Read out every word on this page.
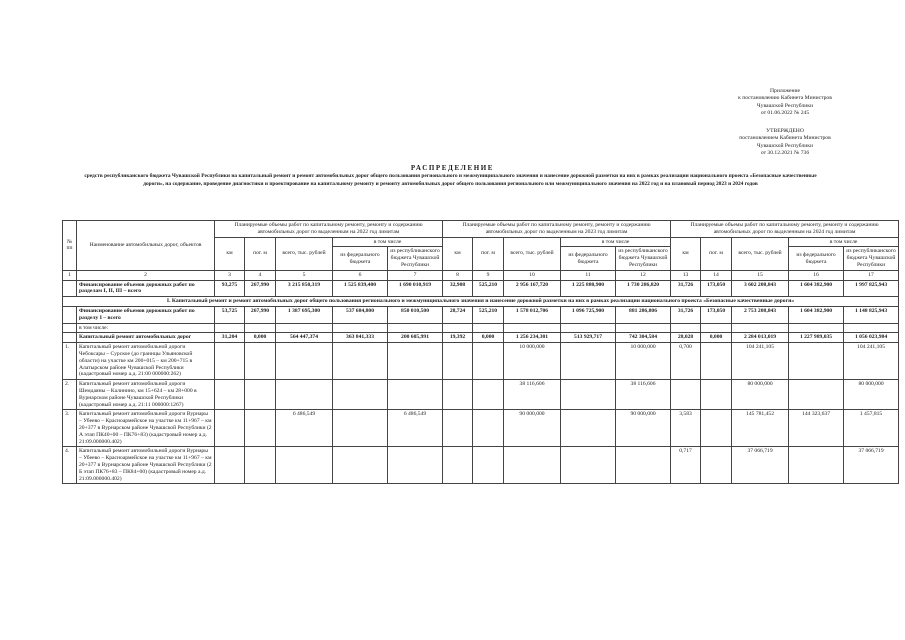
Приложение
к постановлению Кабинета Министров
Чувашской Республики
от 01.06.2022 № 245
УТВЕРЖДЕНО
постановлением Кабинета Министров
Чувашской Республики
от 30.12.2021 № 736
РАСПРЕДЕЛЕНИЕ
средств республиканского бюджета Чувашской Республики на капитальный ремонт и ремонт автомобильных дорог общего пользования регионального и межмуниципального значения и нанесение дорожной разметки на них в рамках реализации национального проекта «Безопасные качественные дороги», на содержание, проведение диагностики и проектирование на капитальному ремонту и ремонту автомобильных дорог общего пользования регионального или межмуниципального значения на 2022 год и на плановый период 2023 и 2024 годов
№ пп	Наименование автомобильных дорог, объектов	Планируемые объемы работ по капитальному ремонту, ремонту и содержанию автомобильных дорог по выделенным на 2022 год лимитам					Планируемые объемы работ по капитальному ремонту, ремонту и содержанию автомобильных дорог по выделенным на 2023 год лимитам					Планируемые объемы работ по капитальному ремонту, ремонту и содержанию автомобильных дорог по выделенным на 2024 год лимитам				
		км	пог. м	всего, тыс. рублей	в том числе		км	пог. м	всего, тыс. рублей	в том числе		км	пог. м	всего, тыс. рублей	в том числе	
					из федерального бюджета	из республиканского бюджета Чувашской Республики				из федерального бюджета	из республиканского бюджета Чувашской Республики				из федерального бюджета	из республиканского бюджета Чувашской Республики
1	2	3	4	5	6	7	8	9	10	11	12	13	14	15	16	17
	Финансирование объемов дорожных работ по разделам I, II, III – всего	93,275	267,990	3 215 850,319	1 525 839,400	1 690 010,919	32,908	525,210	2 956 167,720	1 225 880,900	1 730 286,820	31,726	173,050	3 602 208,843	1 604 382,900	1 997 825,943
I. Капитальный ремонт и ремонт автомобильных дорог общего пользования регионального и межмуниципального значения и нанесение дорожной разметки на них в рамках реализации национального проекта «Безопасные качественные дороги»																
	Финансирование объемов дорожных работ по разделу I – всего	53,725	267,990	1 387 695,300	537 684,800	850 010,500	28,724	525,210	1 578 012,706	1 096 725,900	881 286,806	31,726	173,050	2 753 208,843	1 604 382,900	1 148 825,943
	в том числе:															
	Капитальный ремонт автомобильных дорог	31,204	0,000	564 447,374	363 841,333	200 605,991	19,392	0,000	1 256 234,301	513 929,717	742 304,584	28,028	0,000	2 284 013,019	1 227 989,035	1 056 023,984
1.	Капитальный ремонт автомобильной дороги Чебоксары – Сурское (до границы Ульяновской области) на участке км 200+015 – км 200+715 в Алатырском районе Чувашской Республики (кадастровый номер а.д. 21:00 000000:262)								10 000,000		10 000,000	0,700		104 241,105		104 241,105
2.	Капитальный ремонт автомобильной дороги Шемдаяны – Калинино, км 15+624 – км 28+000 в Вурнарском районе Чувашской Республики (кадастровый номер а.д. 21:11 000000:1267)								38 116,606		38 116,606			80 000,000		80 000,000
3.	Капитальный ремонт автомобильной дороги Вурнары – Убеево – Красноармейское на участке км 11+967 – км 20+377 в Вурнарском районе Чувашской Республики (2 А этап ПК40+00 – ПК76+83) (кадастровый номер а.д. 21:09.000000.402)			6 486,549		6 486,549			90 000,000		90 000,000	3,583		145 781,452	144 323,637	1 457,815
4.	Капитальный ремонт автомобильной дороги Вурнары – Убеево – Красноармейское на участке км 11+967 – км 20+377 в Вурнарском районе Чувашской Республики (2 Б этап ПК76+83 – ПК84+00) (кадастровый номер а.д. 21:09.000000.402)											0,717		37 066,719		37 066,719
